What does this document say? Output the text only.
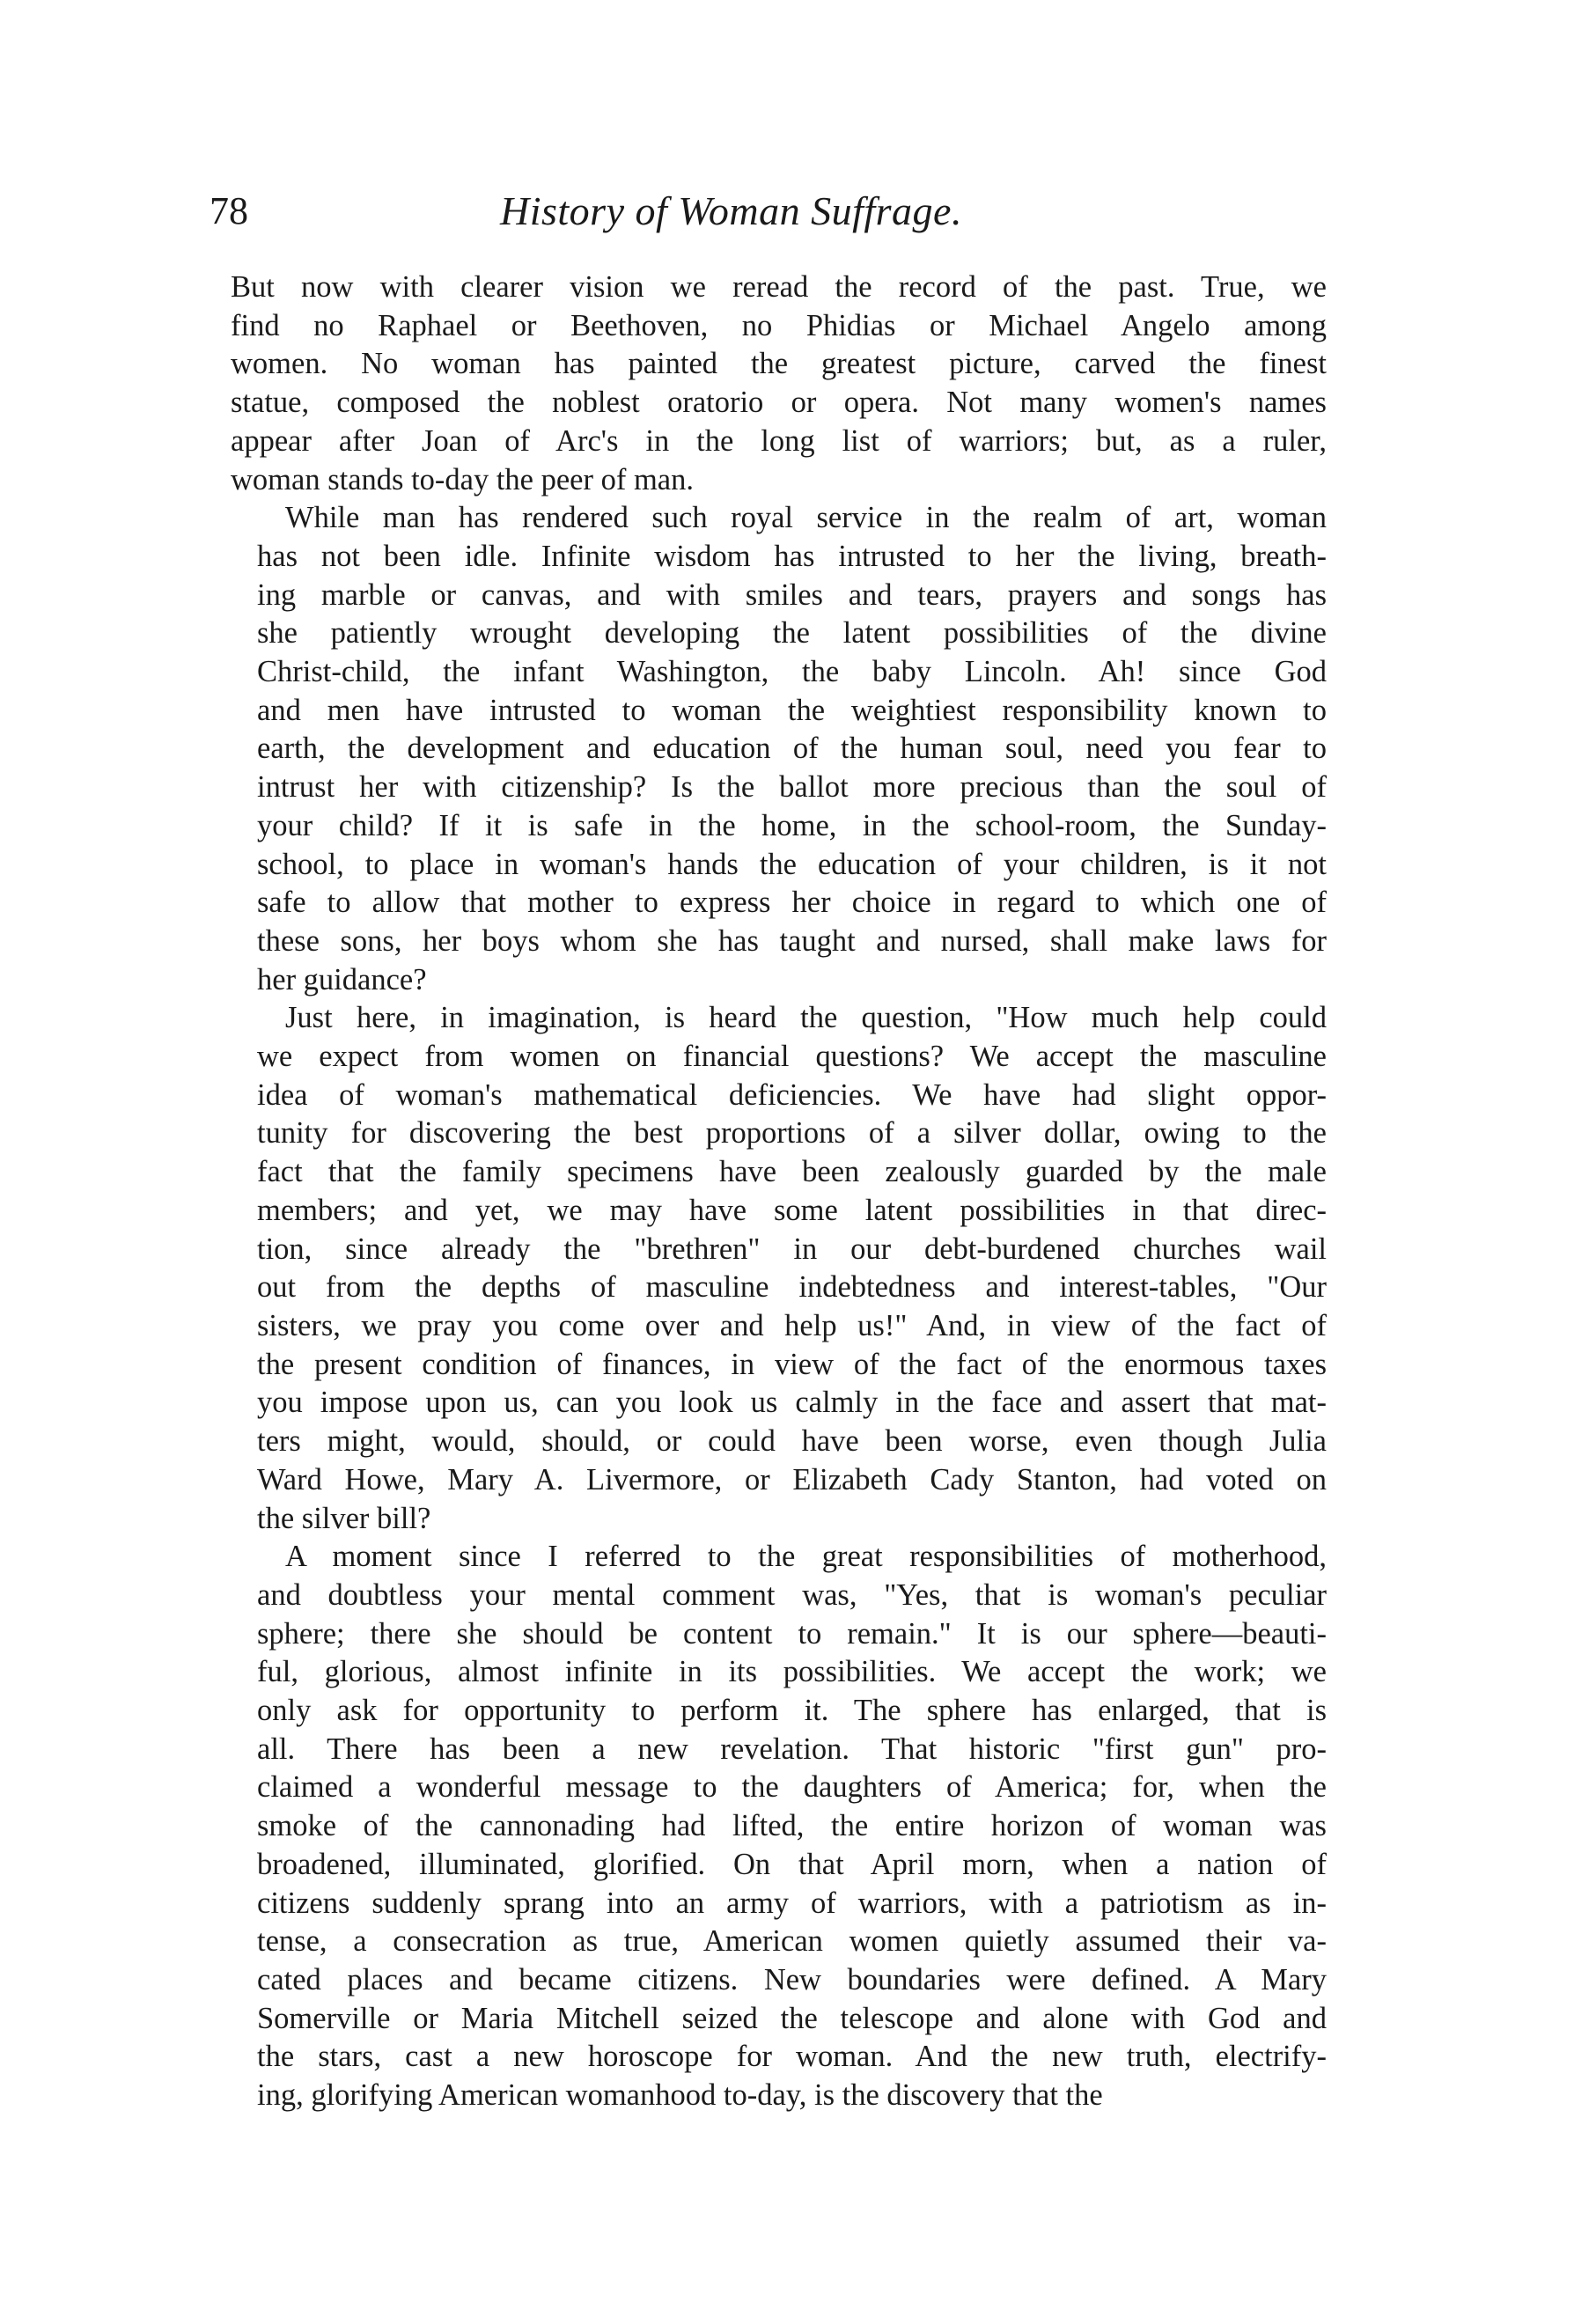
78	History of Woman Suffrage.
But now with clearer vision we reread the record of the past. True, we
find no Raphael or Beethoven, no Phidias or Michael Angelo among
women. No woman has painted the greatest picture, carved the finest
statue, composed the noblest oratorio or opera. Not many women's names
appear after Joan of Arc's in the long list of warriors; but, as a ruler,
woman stands to-day the peer of man.
While man has rendered such royal service in the realm of art, woman
has not been idle. Infinite wisdom has intrusted to her the living, breath-
ing marble or canvas, and with smiles and tears, prayers and songs has
she patiently wrought developing the latent possibilities of the divine
Christ-child, the infant Washington, the baby Lincoln. Ah! since God
and men have intrusted to woman the weightiest responsibility known to
earth, the development and education of the human soul, need you fear to
intrust her with citizenship? Is the ballot more precious than the soul of
your child? If it is safe in the home, in the school-room, the Sunday-
school, to place in woman's hands the education of your children, is it not
safe to allow that mother to express her choice in regard to which one of
these sons, her boys whom she has taught and nursed, shall make laws for
her guidance?
Just here, in imagination, is heard the question, "How much help could
we expect from women on financial questions? We accept the masculine
idea of woman's mathematical deficiencies. We have had slight oppor-
tunity for discovering the best proportions of a silver dollar, owing to the
fact that the family specimens have been zealously guarded by the male
members; and yet, we may have some latent possibilities in that direc-
tion, since already the "brethren" in our debt-burdened churches wail
out from the depths of masculine indebtedness and interest-tables, "Our
sisters, we pray you come over and help us!" And, in view of the fact of
the present condition of finances, in view of the fact of the enormous taxes
you impose upon us, can you look us calmly in the face and assert that mat-
ters might, would, should, or could have been worse, even though Julia
Ward Howe, Mary A. Livermore, or Elizabeth Cady Stanton, had voted on
the silver bill?
A moment since I referred to the great responsibilities of motherhood,
and doubtless your mental comment was, "Yes, that is woman's peculiar
sphere; there she should be content to remain." It is our sphere—beauti-
ful, glorious, almost infinite in its possibilities. We accept the work; we
only ask for opportunity to perform it. The sphere has enlarged, that is
all. There has been a new revelation. That historic "first gun" pro-
claimed a wonderful message to the daughters of America; for, when the
smoke of the cannonading had lifted, the entire horizon of woman was
broadened, illuminated, glorified. On that April morn, when a nation of
citizens suddenly sprang into an army of warriors, with a patriotism as in-
tense, a consecration as true, American women quietly assumed their va-
cated places and became citizens. New boundaries were defined. A Mary
Somerville or Maria Mitchell seized the telescope and alone with God and
the stars, cast a new horoscope for woman. And the new truth, electrify-
ing, glorifying American womanhood to-day, is the discovery that the
